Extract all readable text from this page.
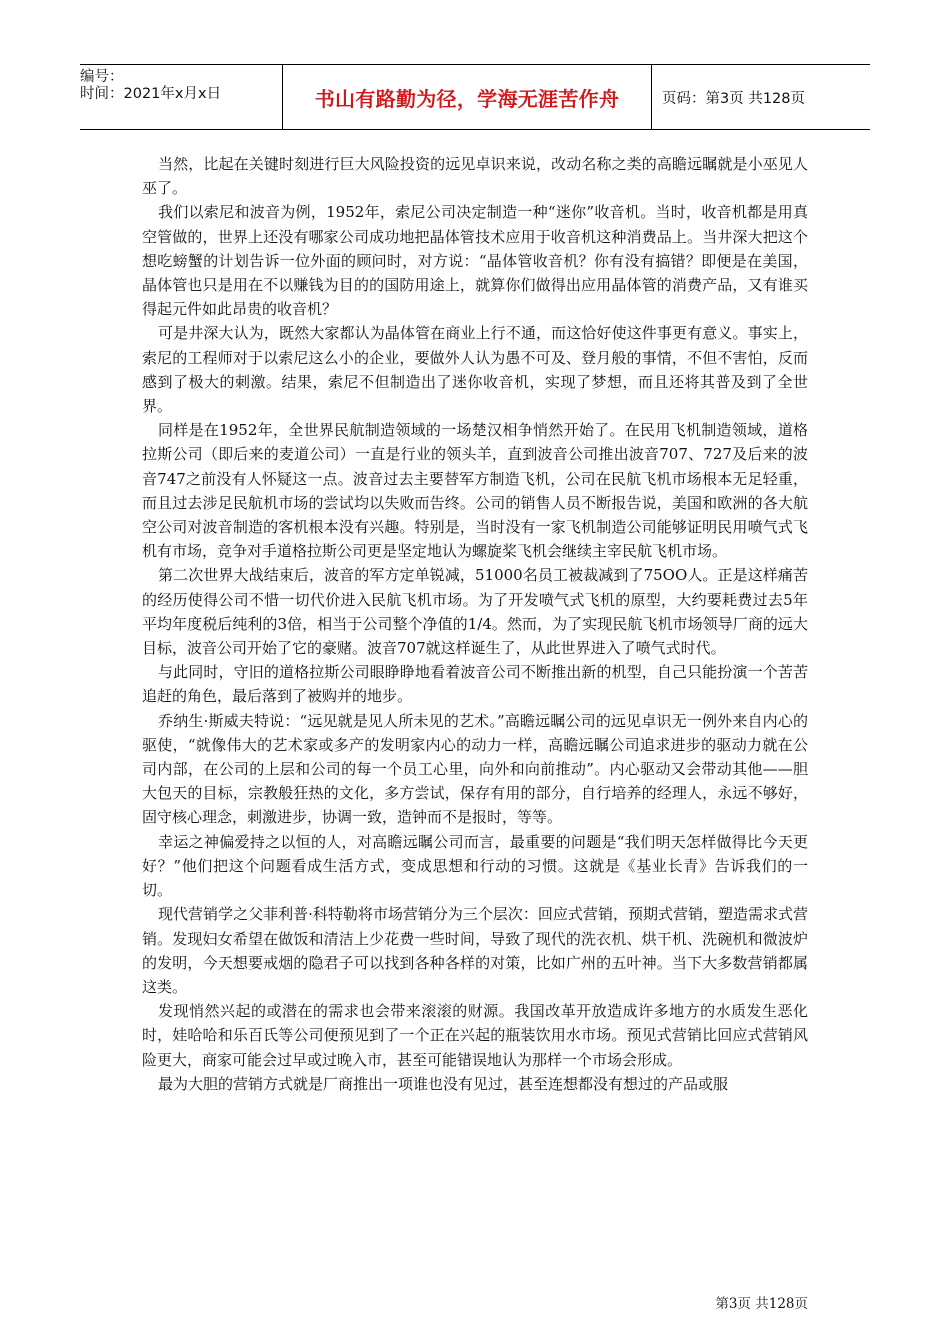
编号：
时间：2021年x月x日	书山有路勤为径，学海无涯苦作舟	页码：第3页 共128页

当然，比起在关键时刻进行巨大风险投资的远见卓识来说，改动名称之类的高瞻远瞩就是小巫见人巫了。

我们以索尼和波音为例，1952年，索尼公司决定制造一种“迷你”收音机。当时，收音机都是用真空管做的，世界上还没有哪家公司成功地把晶体管技术应用于收音机这种消费品上。当井深大把这个想吃螃蟹的计划告诉一位外面的顾问时，对方说：“晶体管收音机？你有没有搞错？即便是在美国，晶体管也只是用在不以赚钱为目的的国防用途上，就算你们做得出应用晶体管的消费产品，又有谁买得起元件如此昂贵的收音机？

可是井深大认为，既然大家都认为晶体管在商业上行不通，而这恰好使这件事更有意义。事实上，索尼的工程师对于以索尼这么小的企业，要做外人认为愚不可及、登月般的事情，不但不害怕，反而感到了极大的刺激。结果，索尼不但制造出了迷你收音机，实现了梦想，而且还将其普及到了全世界。

同样是在1952年，全世界民航制造领域的一场楚汉相争悄然开始了。在民用飞机制造领域，道格拉斯公司（即后来的麦道公司）一直是行业的领头羊，直到波音公司推出波音707、727及后来的波音747之前没有人怀疑这一点。波音过去主要替军方制造飞机，公司在民航飞机市场根本无足轻重，而且过去涉足民航机市场的尝试均以失败而告终。公司的销售人员不断报告说，美国和欧洲的各大航空公司对波音制造的客机根本没有兴趣。特别是，当时没有一家飞机制造公司能够证明民用喷气式飞机有市场，竞争对手道格拉斯公司更是坚定地认为螺旋桨飞机会继续主宰民航飞机市场。

第二次世界大战结束后，波音的军方定单锐减，51000名员工被裁减到了75OO人。正是这样痛苦的经历使得公司不惜一切代价进入民航飞机市场。为了开发喷气式飞机的原型，大约要耗费过去5年平均年度税后纯利的3倍，相当于公司整个净值的1/4。然而，为了实现民航飞机市场领导厂商的远大目标，波音公司开始了它的豪赌。波音707就这样诞生了，从此世界进入了喷气式时代。

与此同时，守旧的道格拉斯公司眼睁睁地看着波音公司不断推出新的机型，自己只能扮演一个苦苦追赶的角色，最后落到了被购并的地步。

乔纳生·斯威夫特说：“远见就是见人所未见的艺术。”高瞻远瞩公司的远见卓识无一例外来自内心的驱使，“就像伟大的艺术家或多产的发明家内心的动力一样，高瞻远瞩公司追求进步的驱动力就在公司内部，在公司的上层和公司的每一个员工心里，向外和向前推动”。内心驱动又会带动其他——胆大包天的目标，宗教般狂热的文化，多方尝试，保存有用的部分，自行培养的经理人，永远不够好，固守核心理念，刺激进步，协调一致，造钟而不是报时，等等。

幸运之神偏爱持之以恒的人，对高瞻远瞩公司而言，最重要的问题是“我们明天怎样做得比今天更好？”他们把这个问题看成生活方式，变成思想和行动的习惯。这就是《基业长青》告诉我们的一切。

现代营销学之父菲利普·科特勒将市场营销分为三个层次：回应式营销，预期式营销，塑造需求式营销。发现妇女希望在做饭和清洁上少花费一些时间，导致了现代的洗衣机、烘干机、洗碗机和微波炉的发明，今天想要戒烟的隐君子可以找到各种各样的对策，比如广州的五叶神。当下大多数营销都属这类。

发现悄然兴起的或潜在的需求也会带来滚滚的财源。我国改革开放造成许多地方的水质发生恶化时，娃哈哈和乐百氏等公司便预见到了一个正在兴起的瓶装饮用水市场。预见式营销比回应式营销风险更大，商家可能会过早或过晚入市，甚至可能错误地认为那样一个市场会形成。

最为大胆的营销方式就是厂商推出一项谁也没有见过，甚至连想都没有想过的产品或服

第3页 共128页
